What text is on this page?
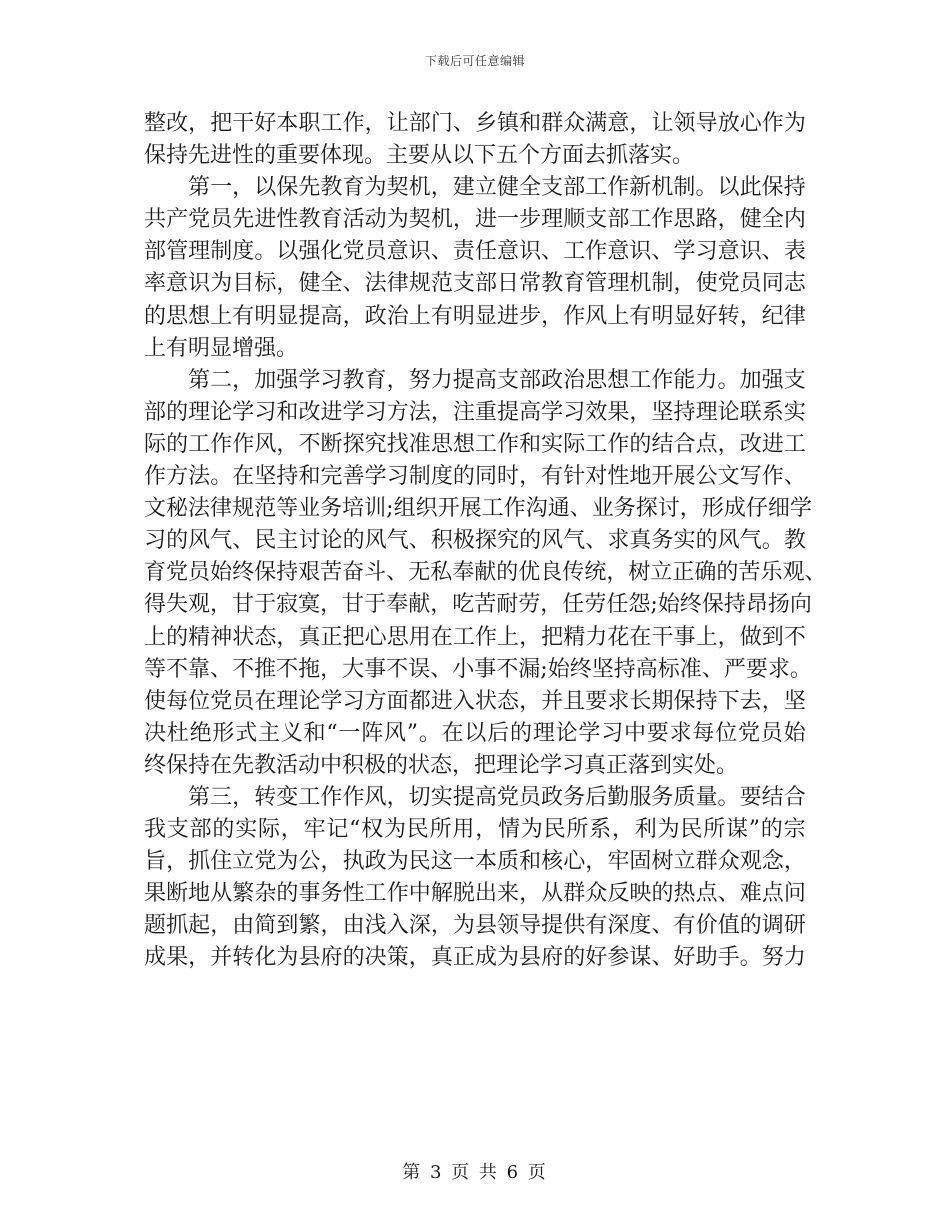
下载后可任意编辑
整 改 ， 把 干 好 本 职 工 作 ， 让 部 门 、 乡 镇 和 群 众 满 意 ， 让 领 导 放 心 作 为
保持先进性的重要体现。主要从以下五个方面去抓落实。
第 一 ， 以 保 先 教 育 为 契 机 ， 建 立 健 全 支 部 工 作 新 机 制 。 以 此 保 持
共 产 党 员 先 进 性 教 育 活 动 为 契 机 ， 进 一 步 理 顺 支 部 工 作 思 路 ， 健 全 内
部 管 理 制 度 。 以 强 化 党 员 意 识 、 责 任 意 识 、 工 作 意 识 、 学 习 意 识 、 表
率 意 识 为 目 标 ， 健 全 、 法 律 规 范 支 部 日 常 教 育 管 理 机 制 ， 使 党 员 同 志
的 思 想 上 有 明 显 提 高 ， 政 治 上 有 明 显 进 步 ， 作 风 上 有 明 显 好 转 ， 纪 律
上有明显增强。
第 二 ， 加 强 学 习 教 育 ， 努 力 提 高 支 部 政 治 思 想 工 作 能 力 。 加 强 支
部 的 理 论 学 习 和 改 进 学 习 方 法 ， 注 重 提 高 学 习 效 果 ， 坚 持 理 论 联 系 实
际 的 工 作 作 风 ， 不 断 探 究 找 准 思 想 工 作 和 实 际 工 作 的 结 合 点 ， 改 进 工
作 方 法 。 在 坚 持 和 完 善 学 习 制 度 的 同 时 ， 有 针 对 性 地 开 展 公 文 写 作 、
文 秘 法 律 规 范 等 业 务 培 训 ; 组 织 开 展 工 作 沟 通 、 业 务 探 讨 ， 形 成 仔 细 学
习 的 风 气 、 民 主 讨 论 的 风 气 、 积 极 探 究 的 风 气 、 求 真 务 实 的 风 气 。 教
育 党 员 始 终 保 持 艰 苦 奋 斗 、 无 私 奉 献 的 优 良 传 统 ， 树 立 正 确 的 苦 乐 观 、
得 失 观 ， 甘 于 寂 寞 ， 甘 于 奉 献 ， 吃 苦 耐 劳 ， 任 劳 任 怨 ; 始 终 保 持 昂 扬 向
上 的 精 神 状 态 ， 真 正 把 心 思 用 在 工 作 上 ， 把 精 力 花 在 干 事 上 ， 做 到 不
等 不 靠 、 不 推 不 拖 ， 大 事 不 误 、 小 事 不 漏 ; 始 终 坚 持 高 标 准 、 严 要 求 。
使 每 位 党 员 在 理 论 学 习 方 面 都 进 入 状 态 ， 并 且 要 求 长 期 保 持 下 去 ， 坚
决 杜 绝 形 式 主 义 和 “ 一 阵 风 ” 。 在 以 后 的 理 论 学 习 中 要 求 每 位 党 员 始
终保持在先教活动中积极的状态，把理论学习真正落到实处。
第 三 ， 转 变 工 作 作 风 ， 切 实 提 高 党 员 政 务 后 勤 服 务 质 量 。 要 结 合
我 支 部 的 实 际 ， 牢 记 “ 权 为 民 所 用 ， 情 为 民 所 系 ， 利 为 民 所 谋 ” 的 宗
旨 ， 抓 住 立 党 为 公 ， 执 政 为 民 这 一 本 质 和 核 心 ， 牢 固 树 立 群 众 观 念 ，
果 断 地 从 繁 杂 的 事 务 性 工 作 中 解 脱 出 来 ， 从 群 众 反 映 的 热 点 、 难 点 问
题 抓 起 ， 由 简 到 繁 ， 由 浅 入 深 ， 为 县 领 导 提 供 有 深 度 、 有 价 值 的 调 研
成 果 ， 并 转 化 为 县 府 的 决 策 ， 真 正 成 为 县 府 的 好 参 谋 、 好 助 手 。 努 力
第 3 页 共 6 页
